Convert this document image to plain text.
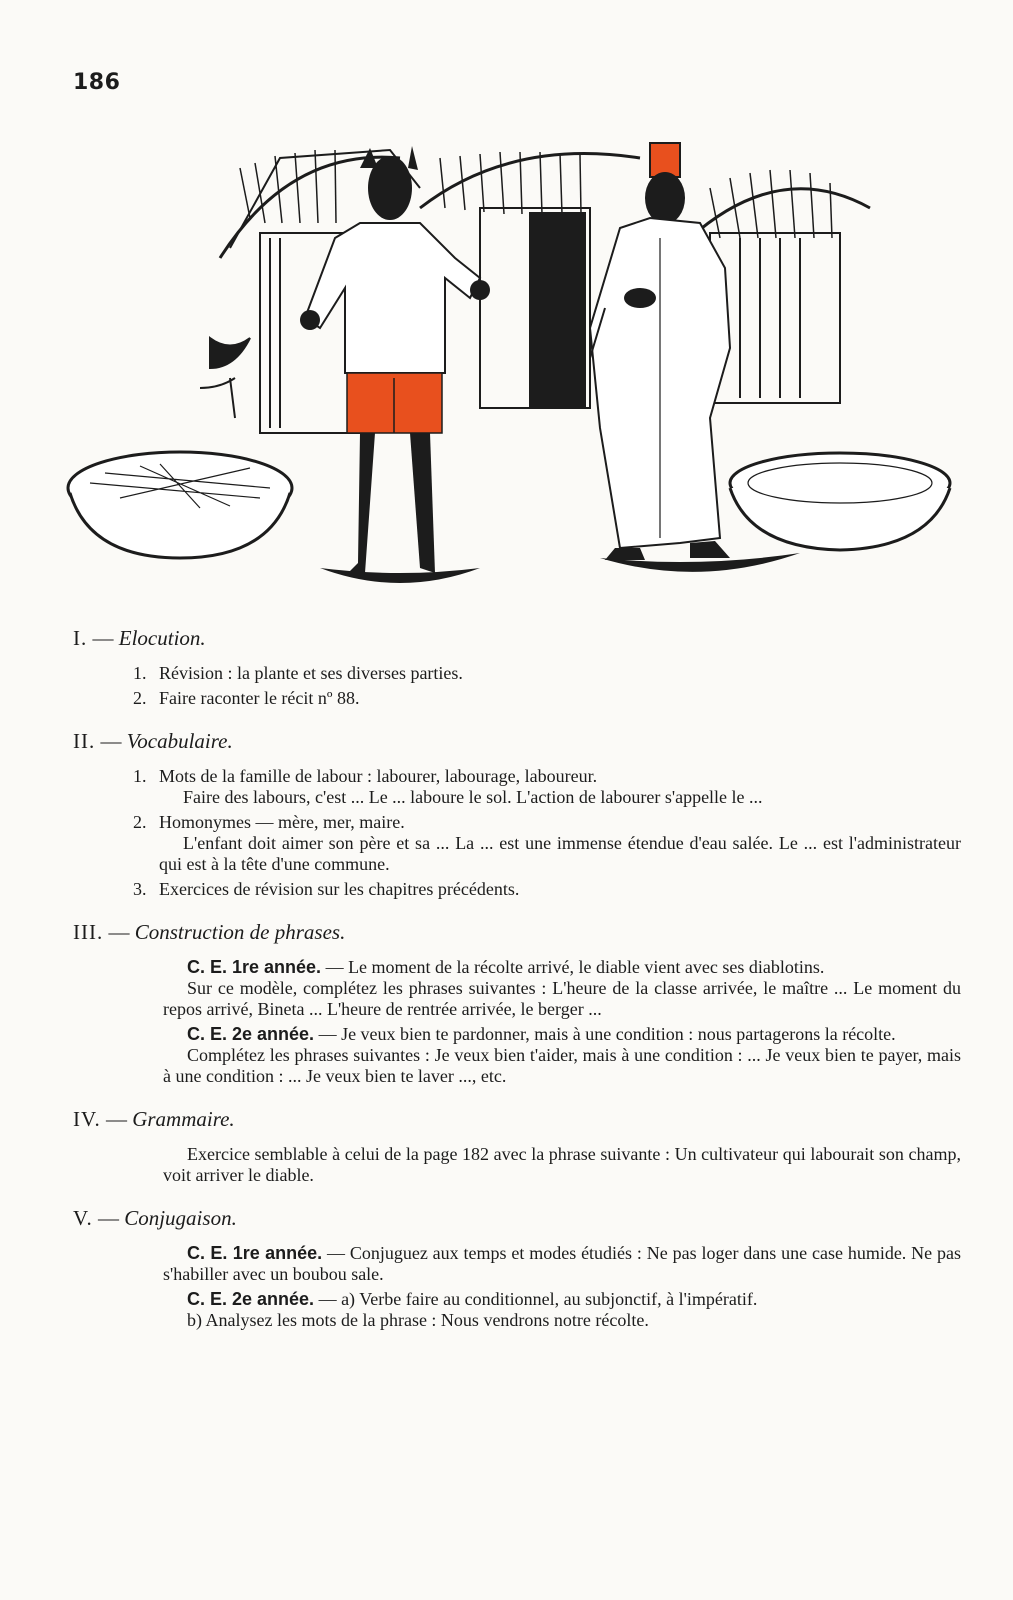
186
I. — Elocution.
1. Révision : la plante et ses diverses parties.
2. Faire raconter le récit nº 88.
II. — Vocabulaire.
1. Mots de la famille de labour : labourer, labourage, laboureur.
Faire des labours, c'est ... Le ... laboure le sol. L'action de labourer s'appelle le ...
2. Homonymes — mère, mer, maire.
L'enfant doit aimer son père et sa ... La ... est une immense étendue d'eau salée. Le ... est l'administrateur qui est à la tête d'une commune.
3. Exercices de révision sur les chapitres précédents.
III. — Construction de phrases.
C. E. 1re année. — Le moment de la récolte arrivé, le diable vient avec ses diablotins.
Sur ce modèle, complétez les phrases suivantes : L'heure de la classe arrivée, le maître ... Le moment du repos arrivé, Bineta ... L'heure de rentrée arrivée, le berger ...
C. E. 2e année. — Je veux bien te pardonner, mais à une condition : nous partagerons la récolte.
Complétez les phrases suivantes : Je veux bien t'aider, mais à une condition : ... Je veux bien te payer, mais à une condition : ... Je veux bien te laver ..., etc.
IV. — Grammaire.
Exercice semblable à celui de la page 182 avec la phrase suivante : Un cultivateur qui labourait son champ, voit arriver le diable.
V. — Conjugaison.
C. E. 1re année. — Conjuguez aux temps et modes étudiés : Ne pas loger dans une case humide. Ne pas s'habiller avec un boubou sale.
C. E. 2e année. — a) Verbe faire au conditionnel, au subjonctif, à l'impératif.
b) Analysez les mots de la phrase : Nous vendrons notre récolte.
